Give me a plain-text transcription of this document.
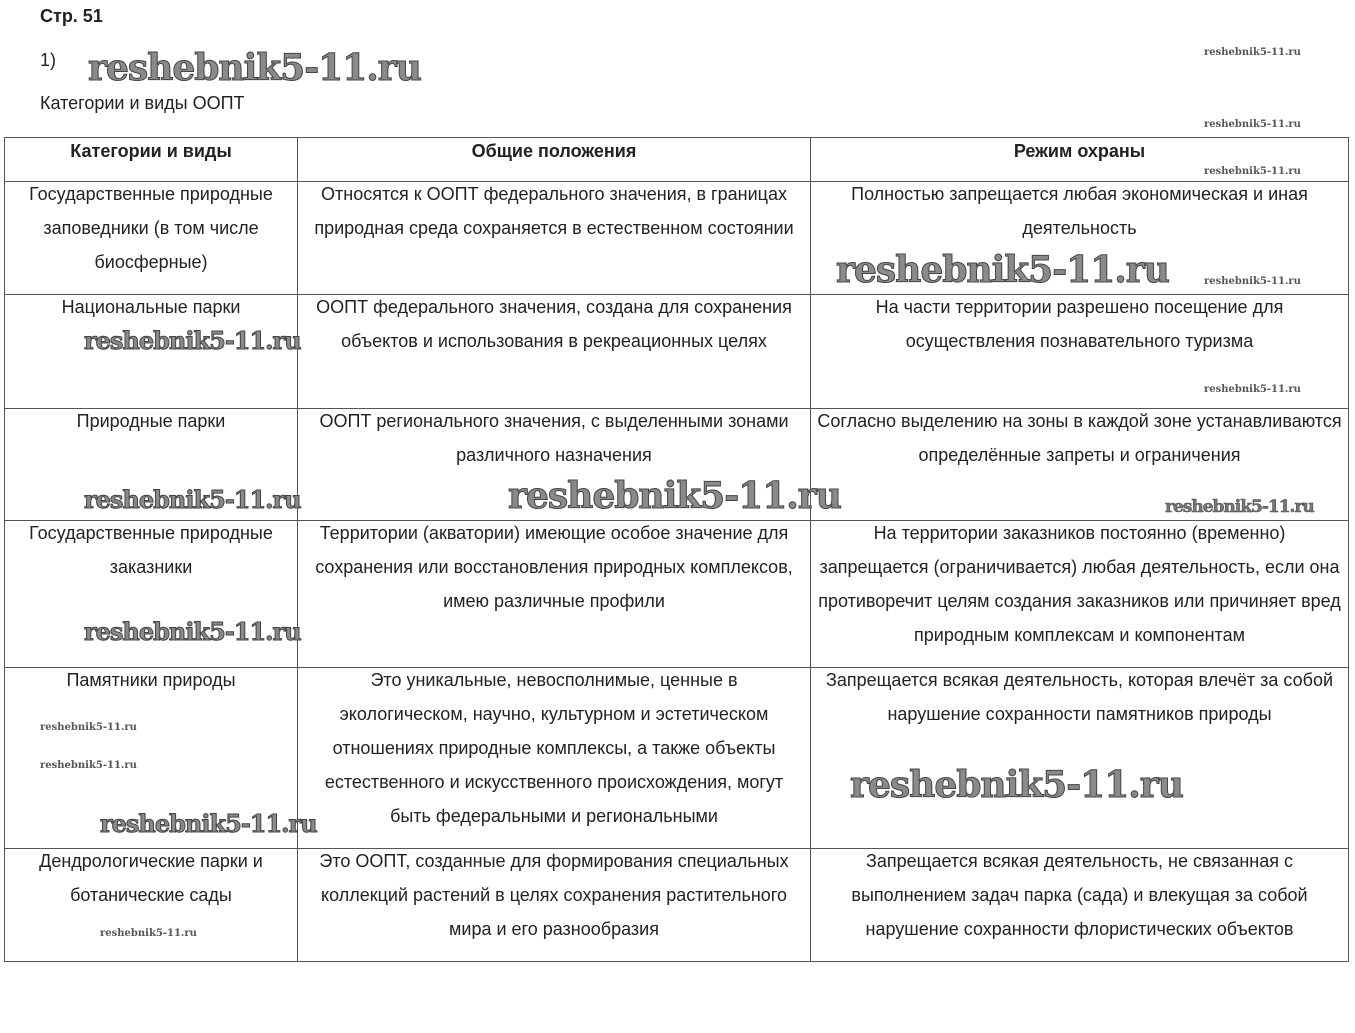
Стр. 51
1)
Категории и виды ООПТ
Категории и виды	Общие положения	Режим охраны

Государственные природные заповедники (в том числе биосферные)	Относятся к ООПТ федерального значения, в границах природная среда сохраняется в естественном состоянии	Полностью запрещается любая экономическая и иная деятельность

Национальные парки	ООПТ федерального значения, создана для сохранения объектов и использования в рекреационных целях	На части территории разрешено посещение для осуществления познавательного туризма

Природные парки	ООПТ регионального значения, с выделенными зонами различного назначения	Согласно выделению на зоны в каждой зоне устанавливаются определённые запреты и ограничения

Государственные природные заказники	Территории (акватории) имеющие особое значение для сохранения или восстановления природных комплексов, имею различные профили	На территории заказников постоянно (временно) запрещается (ограничивается) любая деятельность, если она противоречит целям создания заказников или причиняет вред природным комплексам и компонентам

Памятники природы	Это уникальные, невосполнимые, ценные в экологическом, научно, культурном и эстетическом отношениях природные комплексы, а также объекты естественного и искусственного происхождения, могут быть федеральными и региональными	Запрещается всякая деятельность, которая влечёт за собой нарушение сохранности памятников природы

Дендрологические парки и ботанические сады	Это ООПТ, созданные для формирования специальных коллекций растений в целях сохранения растительного мира и его разнообразия	Запрещается всякая деятельность, не связанная с выполнением задач парка (сада) и влекущая за собой нарушение сохранности флористических объектов
reshebnik5-11.ru	reshebnik5-11.ru
reshebnik5-11.ru
reshebnik5-11.ru
reshebnik5-11.ru	reshebnik5-11.ru
reshebnik5-11.ru
reshebnik5-11.ru
reshebnik5-11.ru	reshebnik5-11.ru	reshebnik5-11.ru
reshebnik5-11.ru
reshebnik5-11.ru
reshebnik5-11.ru
reshebnik5-11.ru
reshebnik5-11.ru
reshebnik5-11.ru
